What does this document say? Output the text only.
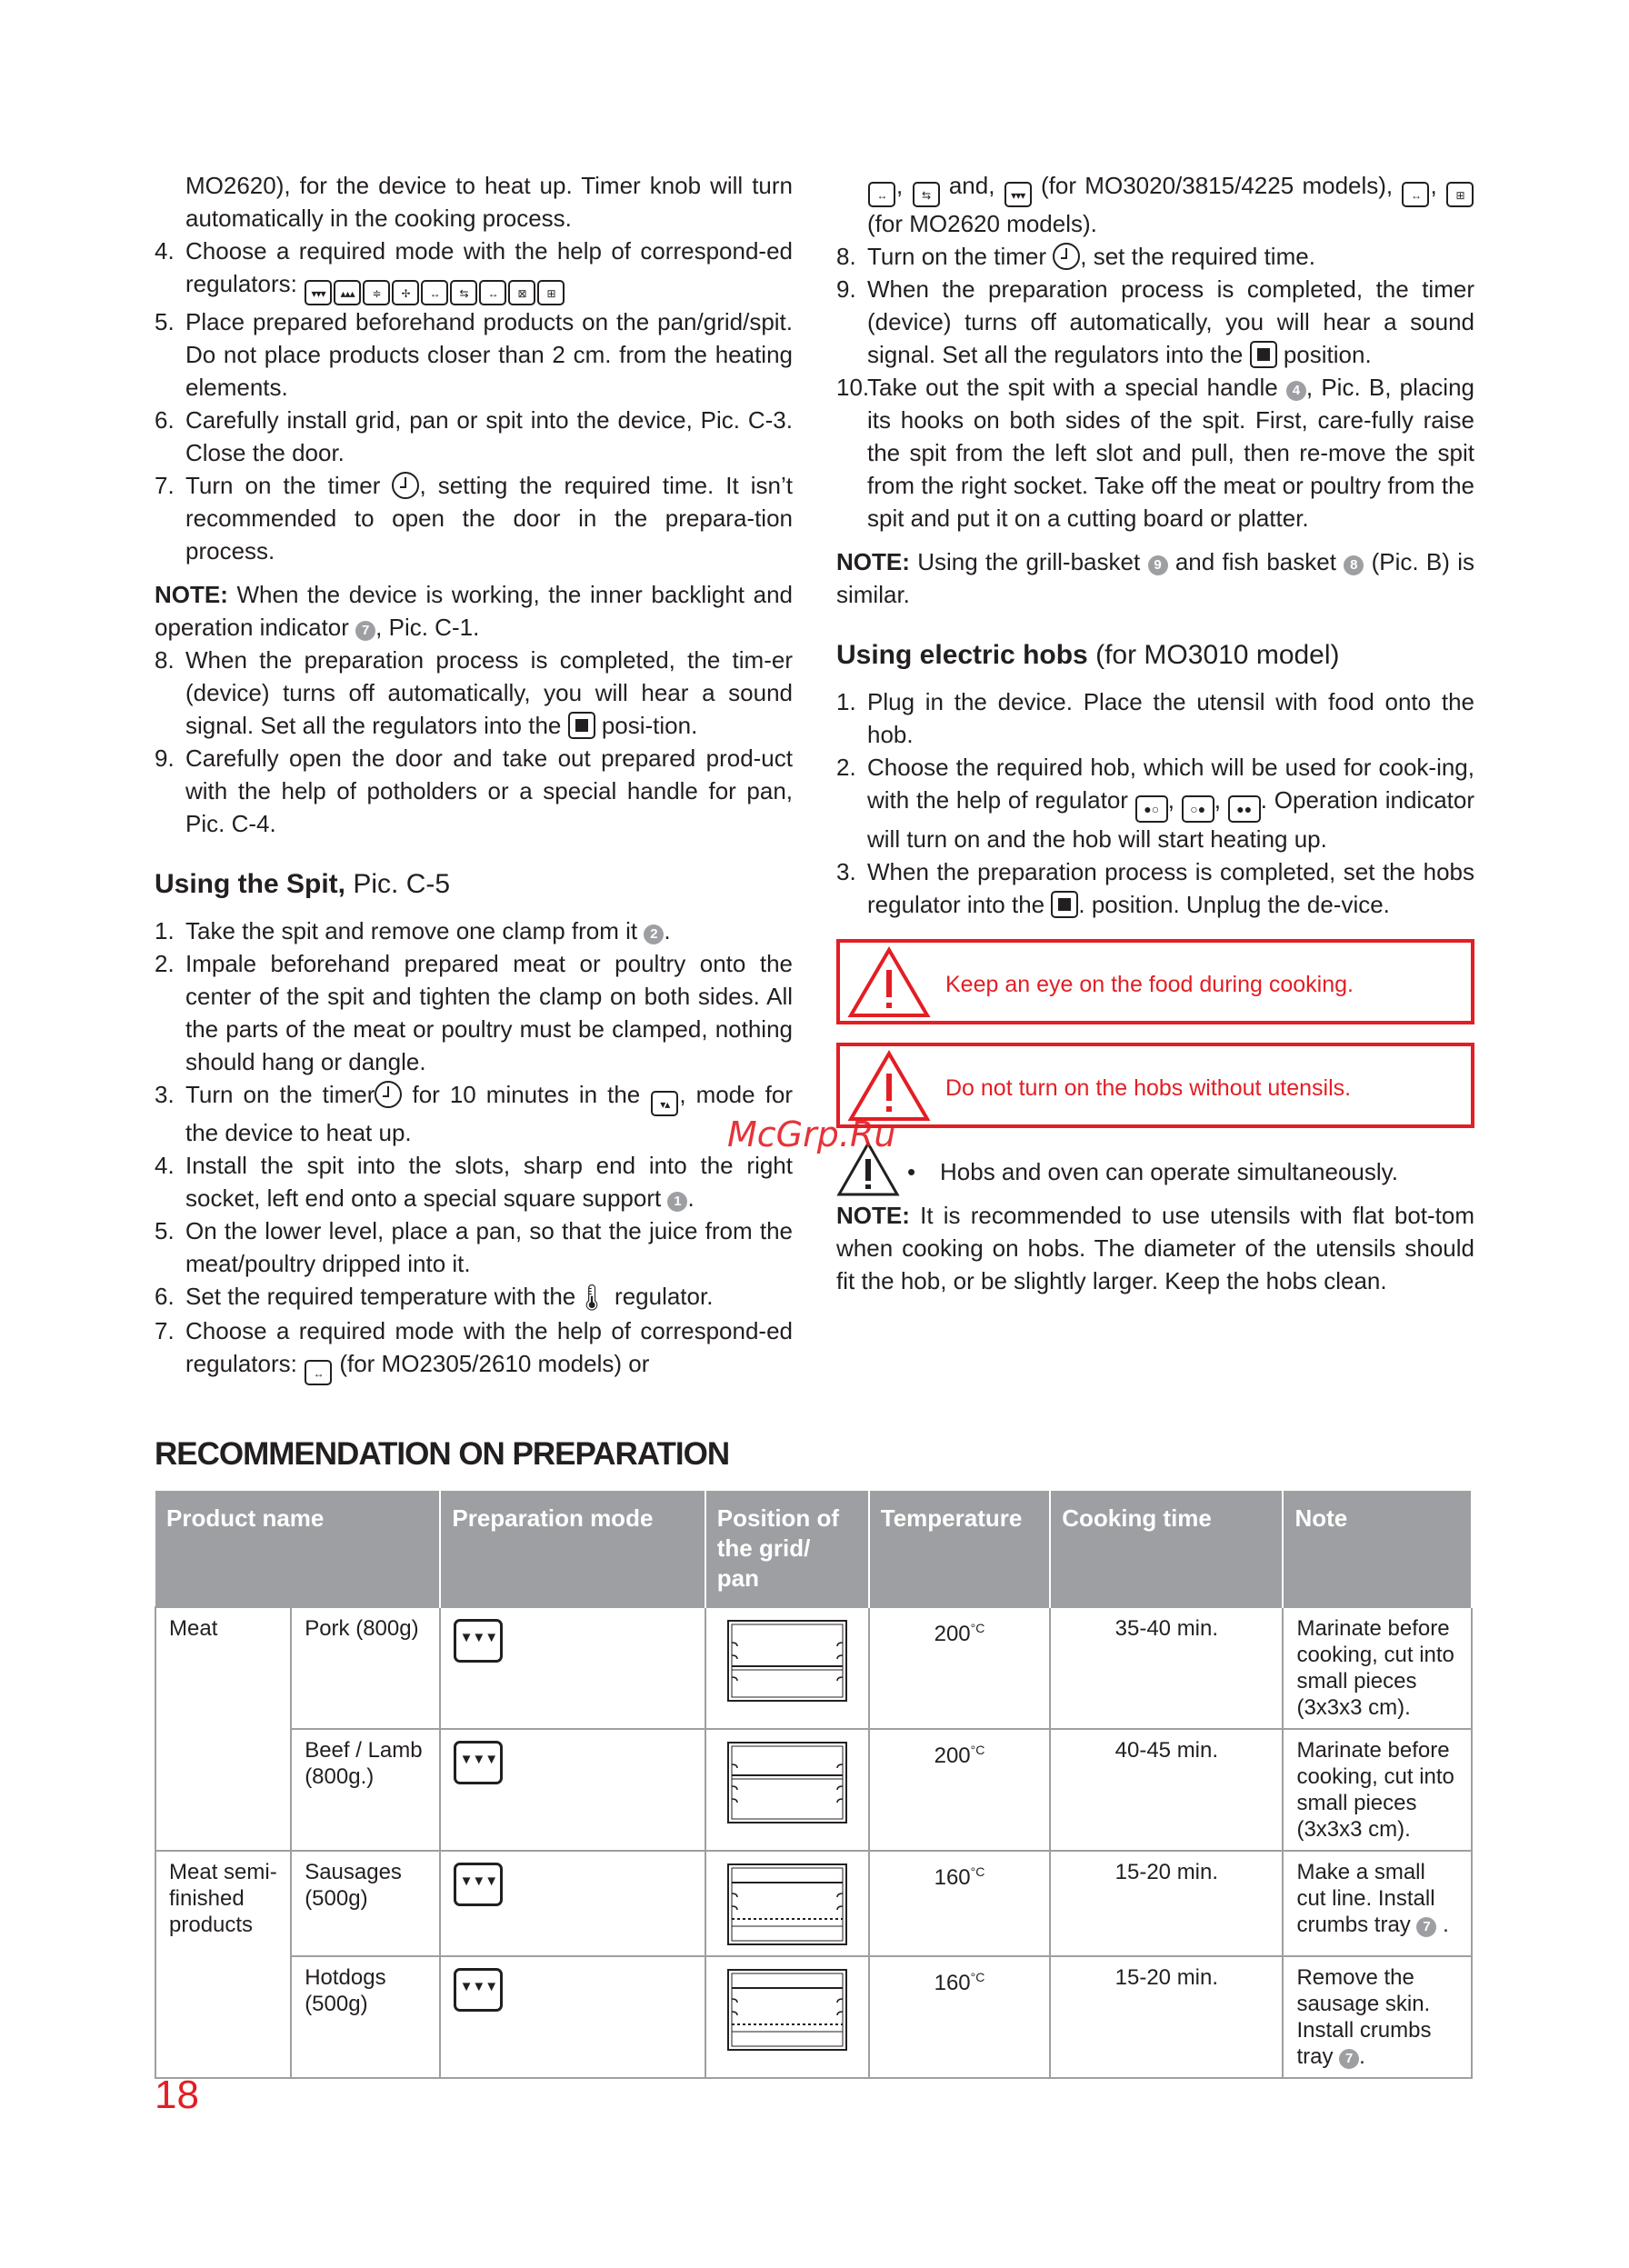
MO2620), for the device to heat up. Timer knob will turn automatically in the cooking process.

4. Choose a required mode with the help of correspond-ed regulators: ▾▾▾ ▴▴▴ ≑ ✢ ↔ ⇆ ↔ ⊠ ⊞
5. Place prepared beforehand products on the pan/grid/spit. Do not place products closer than 2 cm. from the heating elements.
6. Carefully install grid, pan or spit into the device, Pic. C-3. Close the door.
7. Turn on the timer , setting the required time. It isn’t recommended to open the door in the prepara-tion process.

NOTE: When the device is working, the inner backlight and operation indicator 7 , Pic. C-1.

8. When the preparation process is completed, the tim-er (device) turns off automatically, you will hear a sound signal. Set all the regulators into the posi-tion.
9. Carefully open the door and take out prepared prod-uct with the help of potholders or a special handle for pan, Pic. C-4.
Using the Spit, Pic. C-5
1. Take the spit and remove one clamp from it 2 .
2. Impale beforehand prepared meat or poultry onto the center of the spit and tighten the clamp on both sides. All the parts of the meat or poultry must be clamped, nothing should hang or dangle.
3. Turn on the timer for 10 minutes in the ▾▴ , mode for the device to heat up.
4. Install the spit into the slots, sharp end into the right socket, left end onto a special square support 1 .
5. On the lower level, place a pan, so that the juice from the meat/poultry dripped into it.
6. Set the required temperature with the🌡︎ regulator.
7. Choose a required mode with the help of correspond-ed regulators: ↔ (for MO2305/2610 models) or

↔ , ⇆ and, ▾▾▾ (for MO3020/3815/4225 models), ↔ , ⊞ (for MO2620 models).

8. Turn on the timer , set the required time.
9. When the preparation process is completed, the timer (device) turns off automatically, you will hear a sound signal. Set all the regulators into the position.
10.
Take out the spit with a special handle 4 , Pic. B, placing its hooks on both sides of the spit. First, care-fully raise the spit from the left slot and pull, then re-move the spit from the right socket. Take off the meat or poultry from the spit and put it on a cutting board or platter.

NOTE: Using the grill-basket 9 and fish basket 8 (Pic. B) is similar.

Using electric hobs (for MO3010 model)
1. Plug in the device. Place the utensil with food onto the hob.
2. Choose the required hob, which will be used for cook-ing, with the help of regulator ●○ , ○● , ●● . Operation indicator will turn on and the hob will start heating up.
3. When the preparation process is completed, set the hobs regulator into the . position. Unplug the de-vice.
Keep an eye on the food during cooking.
Do not turn on the hobs without utensils.
• Hobs and oven can operate simultaneously.

NOTE: It is recommended to use utensils with flat bot-tom when cooking on hobs. The diameter of the utensils should fit the hob, or be slightly larger. Keep the hobs clean.

McGrp.Ru
RECOMMENDATION ON PREPARATION
Product name		Preparation mode	Position of the grid/ pan	Temperature	Cooking time	Note
Meat	Pork (800g)	▼▼▼		$200^{^\circ C}$	35-40 min.	Marinate before cooking, cut into small pieces (3x3x3 cm).
	Beef / Lamb (800g.)	▼▼▼		$200^{^\circ C}$	40-45 min.	Marinate before cooking, cut into small pieces (3x3x3 cm).
Meat semi-finished products	Sausages (500g)	▼▼▼		$160^{^\circ C}$	15-20 min.	Make a small cut line. Install crumbs tray 7 .
	Hotdogs (500g)	▼▼▼		$160^{^\circ C}$	15-20 min.	Remove the sausage skin. Install crumbs tray 7 .
18
